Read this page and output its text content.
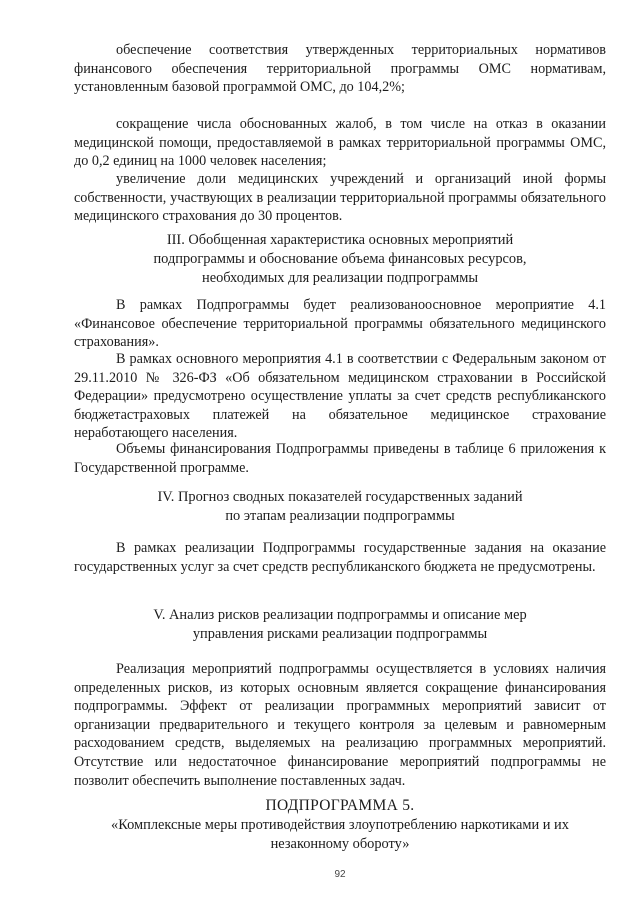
обеспечение соответствия утвержденных территориальных нормативов финансового обеспечения территориальной программы ОМС нормативам, установленным базовой программой ОМС, до 104,2%;

сокращение числа обоснованных жалоб, в том числе на отказ в оказании медицинской помощи, предоставляемой в рамках территориальной программы ОМС, до 0,2 единиц на 1000 человек населения;

увеличение доли медицинских учреждений и организаций иной формы собственности, участвующих в реализации территориальной программы обязательного медицинского страхования до 30 процентов.

III. Обобщенная характеристика основных мероприятий
подпрограммы и обоснование объема финансовых ресурсов,
необходимых для реализации подпрограммы

В рамках Подпрограммы будет реализованоосновное мероприятие 4.1 «Финансовое обеспечение территориальной программы обязательного медицинского страхования».

В рамках основного мероприятия 4.1 в соответствии с Федеральным законом от 29.11.2010 № 326-ФЗ «Об обязательном медицинском страховании в Российской Федерации» предусмотрено осуществление уплаты за счет средств республиканского бюджетастраховых платежей на обязательное медицинское страхование неработающего населения.

Объемы финансирования Подпрограммы приведены в таблице 6 приложения к Государственной программе.

IV. Прогноз сводных показателей государственных заданий
по этапам реализации подпрограммы

В рамках реализации Подпрограммы государственные задания на оказание государственных услуг за счет средств республиканского бюджета не предусмотрены.

V. Анализ рисков реализации подпрограммы и описание мер
управления рисками реализации подпрограммы

Реализация мероприятий подпрограммы осуществляется в условиях наличия определенных рисков, из которых основным является сокращение финансирования подпрограммы. Эффект от реализации программных мероприятий зависит от организации предварительного и текущего контроля за целевым и равномерным расходованием средств, выделяемых на реализацию программных мероприятий. Отсутствие или недостаточное финансирование мероприятий подпрограммы не позволит обеспечить выполнение поставленных задач.

ПОДПРОГРАММА 5.
«Комплексные меры противодействия злоупотреблению наркотиками и их
незаконному обороту»
92
